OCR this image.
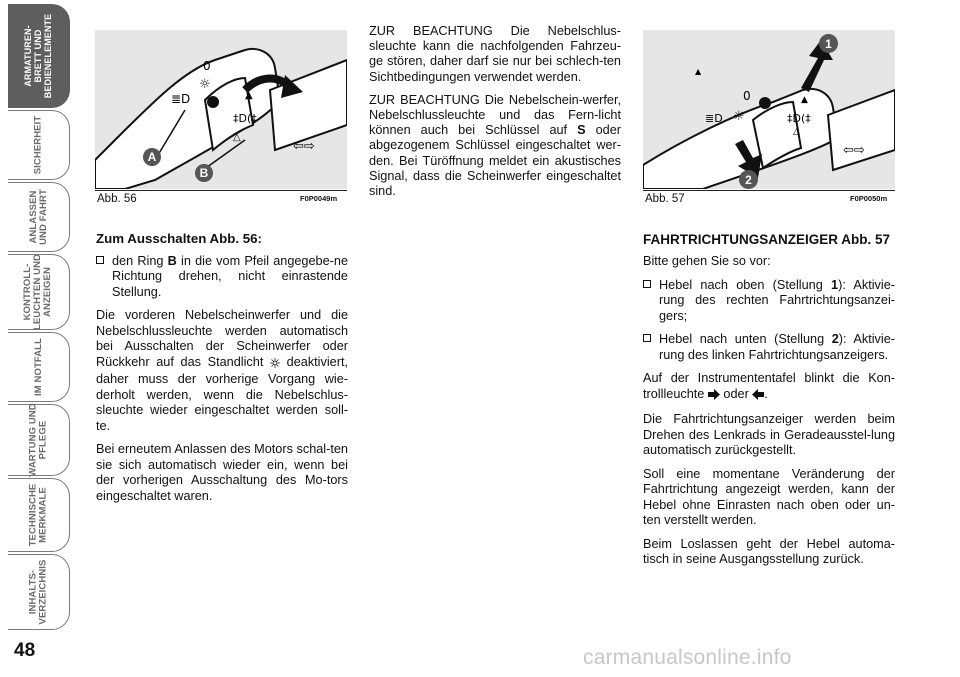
ARMATUREN-
BRETT UND
BEDIENELEMENTE
SICHERHEIT
ANLASSEN
UND FAHRT
KONTROLL-
LEUCHTEN UND
ANZEIGEN
IM NOTFALL
WARTUNG UND
PFLEGE
TECHNISCHE
MERKMALE
INHALTS-
VERZEICHNIS
48
0
☼
≣D
‡D(‡
▲
△
⇦⇨
A
B
Abb. 56	F0P0049m
0
☼
≣D	‡D(‡
▲
△
⇦⇨
▲
1
2
Abb. 57	F0P0050m

Zum Ausschalten Abb. 56:

den Ring B in die vom Pfeil angegebe-ne Richtung drehen, nicht einrastende Stellung.

Die vorderen Nebelscheinwerfer und die Nebelschlussleuchte werden automatisch bei Ausschalten der Scheinwerfer oder Rückkehr auf das Standlicht  deaktiviert, daher muss der vorherige Vorgang wie-derholt werden, wenn die Nebelschlus-sleuchte wieder eingeschaltet werden soll-te.

Bei erneutem Anlassen des Motors schal-ten sie sich automatisch wieder ein, wenn bei der vorherigen Ausschaltung des Mo-tors eingeschaltet waren.

ZUR BEACHTUNG Die Nebelschlus-sleuchte kann die nachfolgenden Fahrzeu-ge stören, daher darf sie nur bei schlech-ten Sichtbedingungen verwendet werden.

ZUR BEACHTUNG Die Nebelschein-werfer, Nebelschlussleuchte und das Fern-licht können auch bei Schlüssel auf S oder abgezogenem Schlüssel eingeschaltet wer-den. Bei Türöffnung meldet ein akustisches Signal, dass die Scheinwerfer eingeschaltet sind.

FAHRTRICHTUNGSANZEIGER Abb. 57

Bitte gehen Sie so vor:

Hebel nach oben (Stellung 1): Aktivie-rung des rechten Fahrtrichtungsanzei-gers;
Hebel nach unten (Stellung 2): Aktivie-rung des linken Fahrtrichtungsanzeigers.

Auf der Instrumententafel blinkt die Kon-trollleuchte  oder .

Die Fahrtrichtungsanzeiger werden beim Drehen des Lenkrads in Geradeausstel-lung automatisch zurückgestellt.

Soll eine momentane Veränderung der Fahrtrichtung angezeigt werden, kann der Hebel ohne Einrasten nach oben oder un-ten verstellt werden.

Beim Loslassen geht der Hebel automa-tisch in seine Ausgangsstellung zurück.

carmanualsonline.info
